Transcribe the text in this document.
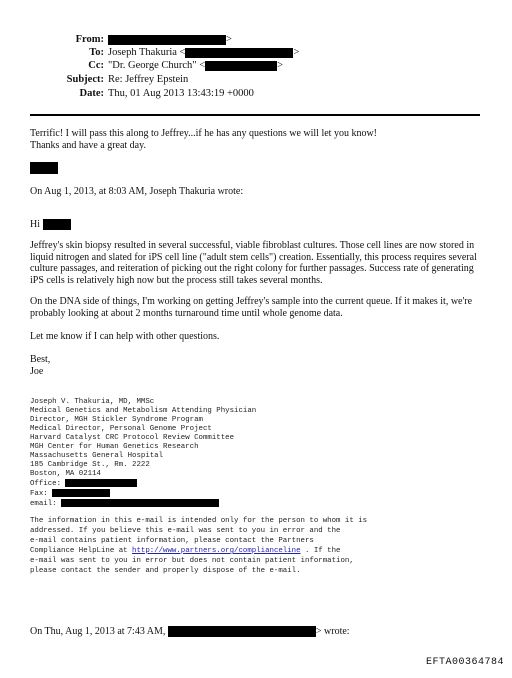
From:	>
To: Joseph Thakuria <	>
Cc: "Dr. George Church" <	>
Subject: Re: Jeffrey Epstein
Date: Thu, 01 Aug 2013 13:43:19 +0000
Terrific! I will pass this along to Jeffrey...if he has any questions we will let you know!
Thanks and have a great day.
On Aug 1, 2013, at 8:03 AM, Joseph Thakuria wrote:
Hi
Jeffrey's skin biopsy resulted in several successful, viable fibroblast cultures. Those cell lines are now stored in liquid nitrogen and slated for iPS cell line ("adult stem cells") creation. Essentially, this process requires several culture passages, and reiteration of picking out the right colony for further passages. Success rate of generating iPS cells is relatively high now but the process still takes several months.
On the DNA side of things, I'm working on getting Jeffrey's sample into the current queue. If it makes it, we're probably looking at about 2 months turnaround time until whole genome data.
Let me know if I can help with other questions.
Best,
Joe
Joseph V. Thakuria, MD, MMSc
Medical Genetics and Metabolism Attending Physician
Director, MGH Stickler Syndrome Program
Medical Director, Personal Genome Project
Harvard Catalyst CRC Protocol Review Committee
MGH Center for Human Genetics Research
Massachusetts General Hospital
185 Cambridge St., Rm. 2222
Boston, MA 02114
Office:
Fax:
email:
The information in this e-mail is intended only for the person to whom it is
addressed. If you believe this e-mail was sent to you in error and the
e-mail contains patient information, please contact the Partners
Compliance HelpLine at http://www.partners.org/complianceline . If the
e-mail was sent to you in error but does not contain patient information,
please contact the sender and properly dispose of the e-mail.
On Thu, Aug 1, 2013 at 7:43 AM,	> wrote:
EFTA00364784
